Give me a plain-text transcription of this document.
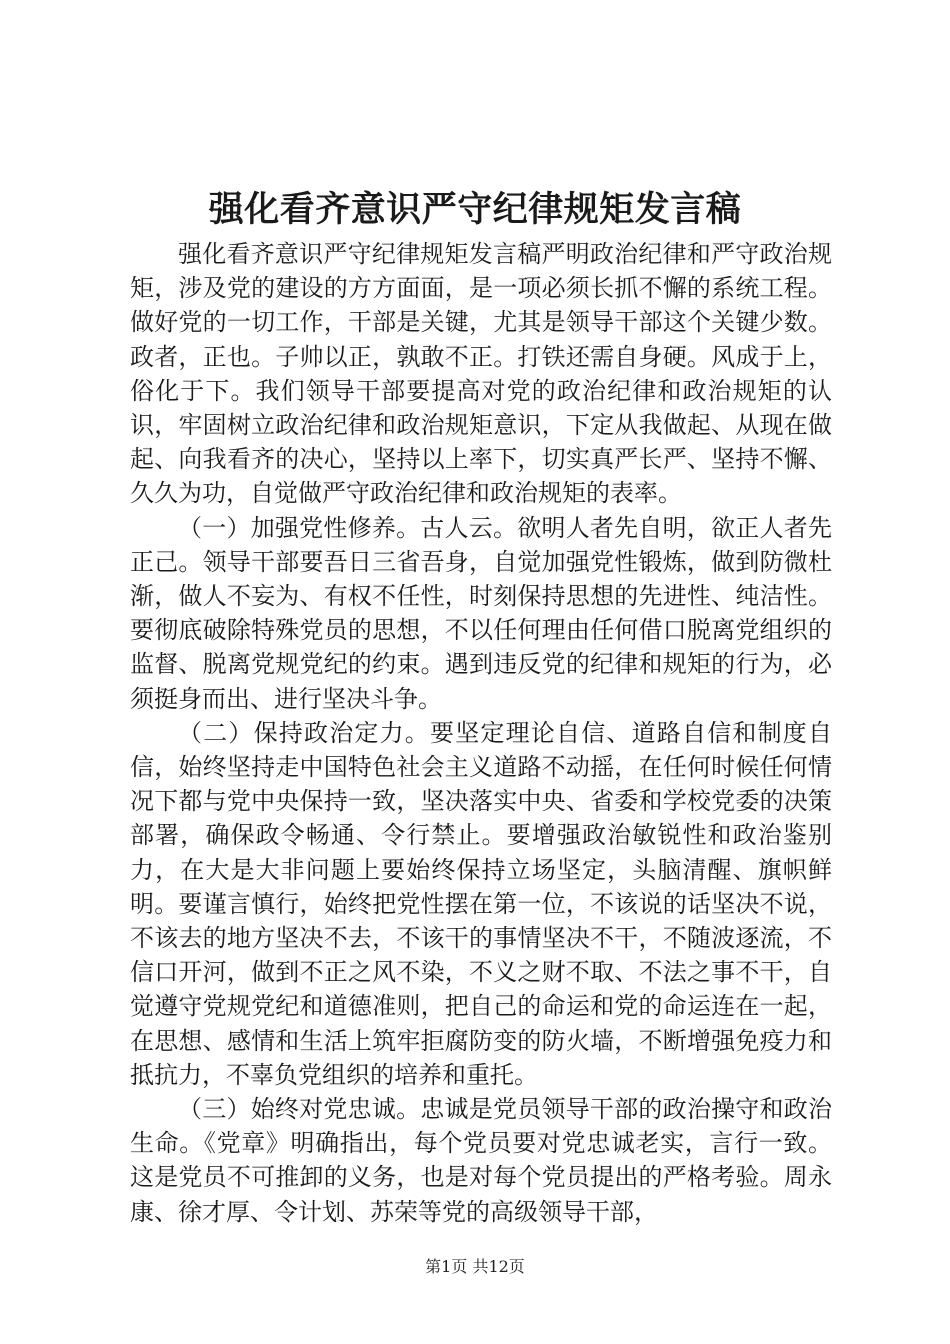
强化看齐意识严守纪律规矩发言稿

强化看齐意识严守纪律规矩发言稿严明政治纪律和严守政治规矩，涉及党的建设的方方面面，是一项必须长抓不懈的系统工程。做好党的一切工作，干部是关键，尤其是领导干部这个关键少数。政者，正也。子帅以正，孰敢不正。打铁还需自身硬。风成于上，俗化于下。我们领导干部要提高对党的政治纪律和政治规矩的认识，牢固树立政治纪律和政治规矩意识，下定从我做起、从现在做起、向我看齐的决心，坚持以上率下，切实真严长严、坚持不懈、久久为功，自觉做严守政治纪律和政治规矩的表率。

（一）加强党性修养。古人云。欲明人者先自明，欲正人者先正己。领导干部要吾日三省吾身，自觉加强党性锻炼，做到防微杜渐，做人不妄为、有权不任性，时刻保持思想的先进性、纯洁性。要彻底破除特殊党员的思想，不以任何理由任何借口脱离党组织的监督、脱离党规党纪的约束。遇到违反党的纪律和规矩的行为，必须挺身而出、进行坚决斗争。

（二）保持政治定力。要坚定理论自信、道路自信和制度自信，始终坚持走中国特色社会主义道路不动摇，在任何时候任何情况下都与党中央保持一致，坚决落实中央、省委和学校党委的决策部署，确保政令畅通、令行禁止。要增强政治敏锐性和政治鉴别力，在大是大非问题上要始终保持立场坚定，头脑清醒、旗帜鲜明。要谨言慎行，始终把党性摆在第一位，不该说的话坚决不说，不该去的地方坚决不去，不该干的事情坚决不干，不随波逐流，不信口开河，做到不正之风不染，不义之财不取、不法之事不干，自觉遵守党规党纪和道德准则，把自己的命运和党的命运连在一起，在思想、感情和生活上筑牢拒腐防变的防火墙，不断增强免疫力和抵抗力，不辜负党组织的培养和重托。

（三）始终对党忠诚。忠诚是党员领导干部的政治操守和政治生命。《党章》明确指出，每个党员要对党忠诚老实，言行一致。这是党员不可推卸的义务，也是对每个党员提出的严格考验。周永康、徐才厚、令计划、苏荣等党的高级领导干部，

第1页 共12页
